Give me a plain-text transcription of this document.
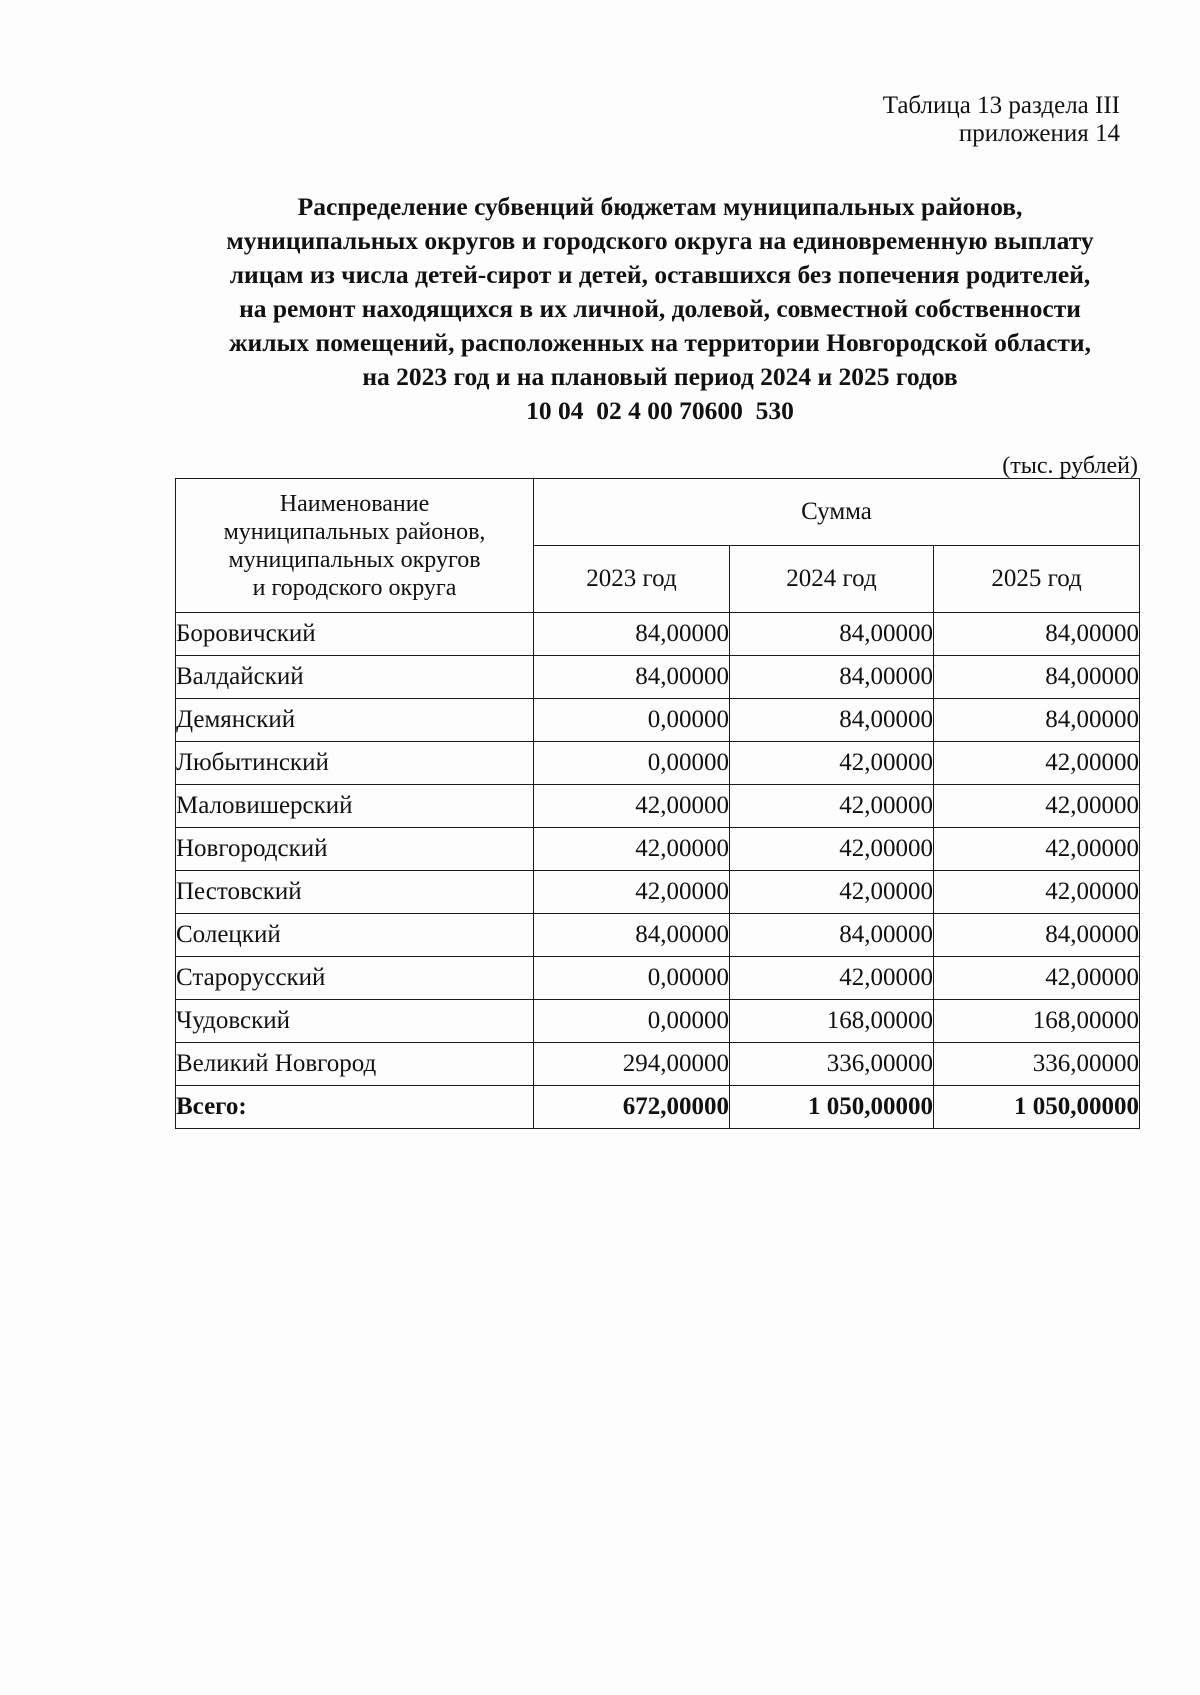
Таблица 13 раздела III
приложения 14
Распределение субвенций бюджетам муниципальных районов,
муниципальных округов и городского округа на единовременную выплату
лицам из числа детей-сирот и детей, оставшихся без попечения родителей,
на ремонт находящихся в их личной, долевой, совместной собственности
жилых помещений, расположенных на территории Новгородской области,
на 2023 год и на плановый период 2024 и 2025 годов
10 04  02 4 00 70600  530
(тыс. рублей)
Наименование
муниципальных районов,
муниципальных округов
и городского округа	Сумма		
	2023 год	2024 год	2025 год
Боровичский	84,00000	84,00000	84,00000
Валдайский	84,00000	84,00000	84,00000
Демянский	0,00000	84,00000	84,00000
Любытинский	0,00000	42,00000	42,00000
Маловишерский	42,00000	42,00000	42,00000
Новгородский	42,00000	42,00000	42,00000
Пестовский	42,00000	42,00000	42,00000
Солецкий	84,00000	84,00000	84,00000
Старорусский	0,00000	42,00000	42,00000
Чудовский	0,00000	168,00000	168,00000
Великий Новгород	294,00000	336,00000	336,00000
Всего:	672,00000	1 050,00000	1 050,00000
